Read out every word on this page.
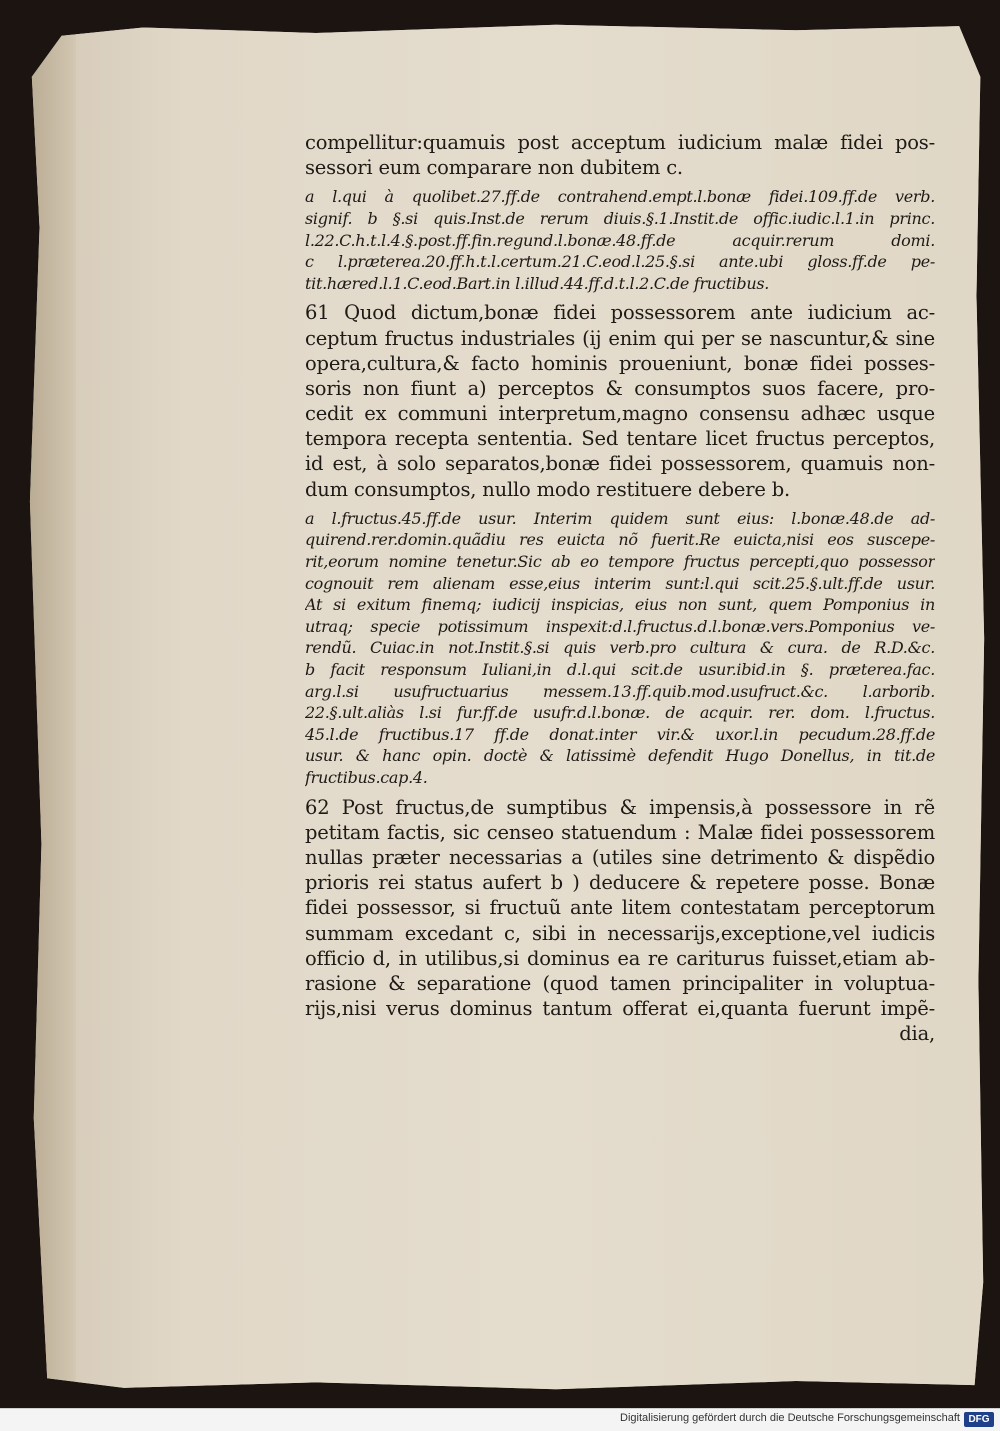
compellitur:quamuis post acceptum iudicium malæ fidei pos-
sessori eum comparare non dubitem c.
a l.qui à quolibet.27.ff.de contrahend.empt.l.bonæ fidei.109.ff.de verb.
signif. b §.si quis.Inst.de rerum diuis.§.1.Instit.de offic.iudic.l.1.in princ.
l.22.C.h.t.l.4.§.post.ff.fin.regund.l.bonæ.48.ff.de acquir.rerum domi.
c l.præterea.20.ff.h.t.l.certum.21.C.eod.l.25.§.si ante.ubi gloss.ff.de pe-
tit.hæred.l.1.C.eod.Bart.in l.illud.44.ff.d.t.l.2.C.de fructibus.
61 Quod dictum,bonæ fidei possessorem ante iudicium ac-
ceptum fructus industriales (ij enim qui per se nascuntur,& sine
opera,cultura,& facto hominis proueniunt, bonæ fidei posses-
soris non fiunt a) perceptos & consumptos suos facere, pro-
cedit ex communi interpretum,magno consensu adhæc usque
tempora recepta sententia. Sed tentare licet fructus perceptos,
id est, à solo separatos,bonæ fidei possessorem, quamuis non-
dum consumptos, nullo modo restituere debere b.
a l.fructus.45.ff.de usur. Interim quidem sunt eius: l.bonæ.48.de ad-
quirend.rer.domin.quãdiu res euicta nõ fuerit.Re euicta,nisi eos suscepe-
rit,eorum nomine tenetur.Sic ab eo tempore fructus percepti,quo possessor
cognouit rem alienam esse,eius interim sunt:l.qui scit.25.§.ult.ff.de usur.
At si exitum finemq; iudicij inspicias, eius non sunt, quem Pomponius in
utraq; specie potissimum inspexit:d.l.fructus.d.l.bonæ.vers.Pomponius ve-
rendũ. Cuiac.in not.Instit.§.si quis verb.pro cultura & cura. de R.D.&c.
b facit responsum Iuliani,in d.l.qui scit.de usur.ibid.in §. præterea.fac.
arg.l.si usufructuarius messem.13.ff.quib.mod.usufruct.&c. l.arborib.
22.§.ult.aliàs l.si fur.ff.de usufr.d.l.bonæ. de acquir. rer. dom. l.fructus.
45.l.de fructibus.17 ff.de donat.inter vir.& uxor.l.in pecudum.28.ff.de
usur. & hanc opin. doctè & latissimè defendit Hugo Donellus, in tit.de
fructibus.cap.4.
62 Post fructus,de sumptibus & impensis,à possessore in rẽ
petitam factis, sic censeo statuendum : Malæ fidei possessorem
nullas præter necessarias a (utiles sine detrimento & dispẽdio
prioris rei status aufert b ) deducere & repetere posse. Bonæ
fidei possessor, si fructuũ ante litem contestatam perceptorum
summam excedant c, sibi in necessarijs,exceptione,vel iudicis
officio d, in utilibus,si dominus ea re cariturus fuisset,etiam ab-
rasione & separatione (quod tamen principaliter in voluptua-
rijs,nisi verus dominus tantum offerat ei,quanta fuerunt impẽ-
dia,
Digitalisierung gefördert durch die Deutsche Forschungsgemeinschaft DFG
